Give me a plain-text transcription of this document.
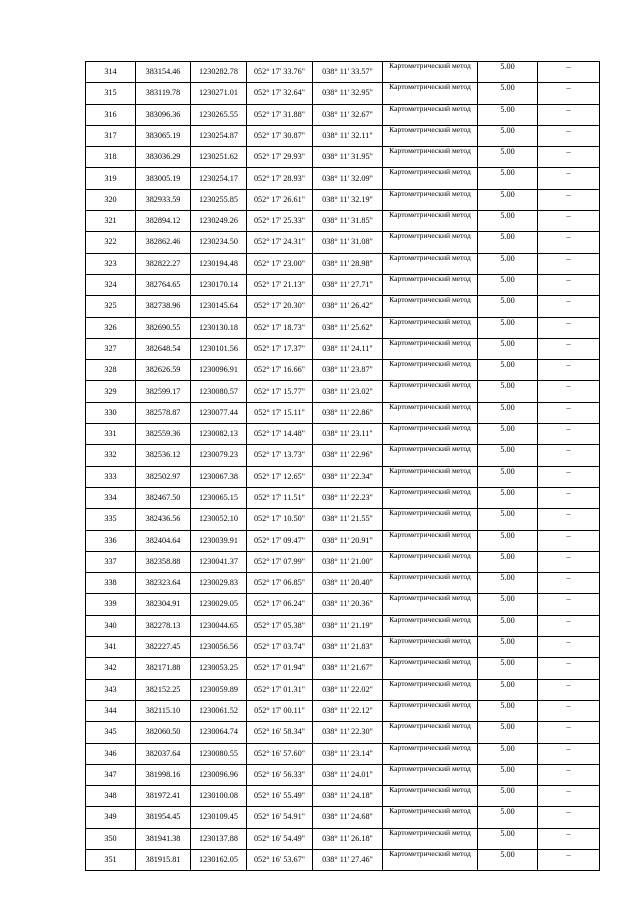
314	383154.46	1230282.78	052° 17' 33.76"	038° 11' 33.57"	Картометрический метод	5.00	–
315	383119.78	1230271.01	052° 17' 32.64"	038° 11' 32.95"	Картометрический метод	5.00	–
316	383096.36	1230265.55	052° 17' 31.88"	038° 11' 32.67"	Картометрический метод	5.00	–
317	383065.19	1230254.87	052° 17' 30.87"	038° 11' 32.11"	Картометрический метод	5.00	–
318	383036.29	1230251.62	052° 17' 29.93"	038° 11' 31.95"	Картометрический метод	5.00	–
319	383005.19	1230254.17	052° 17' 28.93"	038° 11' 32.09"	Картометрический метод	5.00	–
320	382933.59	1230255.85	052° 17' 26.61"	038° 11' 32.19"	Картометрический метод	5.00	–
321	382894.12	1230249.26	052° 17' 25.33"	038° 11' 31.85"	Картометрический метод	5.00	–
322	382862.46	1230234.50	052° 17' 24.31"	038° 11' 31.08"	Картометрический метод	5.00	–
323	382822.27	1230194.48	052° 17' 23.00"	038° 11' 28.98"	Картометрический метод	5.00	–
324	382764.65	1230170.14	052° 17' 21.13"	038° 11' 27.71"	Картометрический метод	5.00	–
325	382738.96	1230145.64	052° 17' 20.30"	038° 11' 26.42"	Картометрический метод	5.00	–
326	382690.55	1230130.18	052° 17' 18.73"	038° 11' 25.62"	Картометрический метод	5.00	–
327	382648.54	1230101.56	052° 17' 17.37"	038° 11' 24.11"	Картометрический метод	5.00	–
328	382626.59	1230096.91	052° 17' 16.66"	038° 11' 23.87"	Картометрический метод	5.00	–
329	382599.17	1230080.57	052° 17' 15.77"	038° 11' 23.02"	Картометрический метод	5.00	–
330	382578.87	1230077.44	052° 17' 15.11"	038° 11' 22.86"	Картометрический метод	5.00	–
331	382559.36	1230082.13	052° 17' 14.48"	038° 11' 23.11"	Картометрический метод	5.00	–
332	382536.12	1230079.23	052° 17' 13.73"	038° 11' 22.96"	Картометрический метод	5.00	–
333	382502.97	1230067.38	052° 17' 12.65"	038° 11' 22.34"	Картометрический метод	5.00	–
334	382467.50	1230065.15	052° 17' 11.51"	038° 11' 22.23"	Картометрический метод	5.00	–
335	382436.56	1230052.10	052° 17' 10.50"	038° 11' 21.55"	Картометрический метод	5.00	–
336	382404.64	1230039.91	052° 17' 09.47"	038° 11' 20.91"	Картометрический метод	5.00	–
337	382358.88	1230041.37	052° 17' 07.99"	038° 11' 21.00"	Картометрический метод	5.00	–
338	382323.64	1230029.83	052° 17' 06.85"	038° 11' 20.40"	Картометрический метод	5.00	–
339	382304.91	1230029.05	052° 17' 06.24"	038° 11' 20.36"	Картометрический метод	5.00	–
340	382278.13	1230044.65	052° 17' 05.38"	038° 11' 21.19"	Картометрический метод	5.00	–
341	382227.45	1230056.56	052° 17' 03.74"	038° 11' 21.83"	Картометрический метод	5.00	–
342	382171.88	1230053.25	052° 17' 01.94"	038° 11' 21.67"	Картометрический метод	5.00	–
343	382152.25	1230059.89	052° 17' 01.31"	038° 11' 22.02"	Картометрический метод	5.00	–
344	382115.10	1230061.52	052° 17' 00.11"	038° 11' 22.12"	Картометрический метод	5.00	–
345	382060.50	1230064.74	052° 16' 58.34"	038° 11' 22.30"	Картометрический метод	5.00	–
346	382037.64	1230080.55	052° 16' 57.60"	038° 11' 23.14"	Картометрический метод	5.00	–
347	381998.16	1230096.96	052° 16' 56.33"	038° 11' 24.01"	Картометрический метод	5.00	–
348	381972.41	1230100.08	052° 16' 55.49"	038° 11' 24.18"	Картометрический метод	5.00	–
349	381954.45	1230109.45	052° 16' 54.91"	038° 11' 24.68"	Картометрический метод	5.00	–
350	381941.38	1230137.88	052° 16' 54.49"	038° 11' 26.18"	Картометрический метод	5.00	–
351	381915.81	1230162.05	052° 16' 53.67"	038° 11' 27.46"	Картометрический метод	5.00	–
